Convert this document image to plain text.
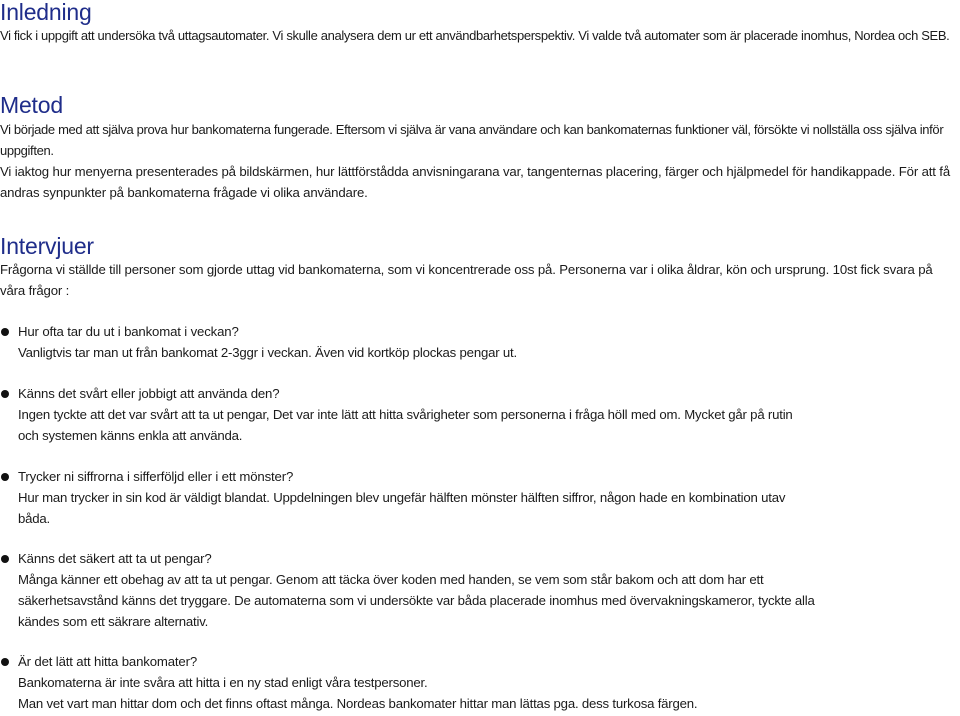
Inledning

Vi fick i uppgift att undersöka två uttagsautomater. Vi skulle analysera dem ur ett användbarhetsperspektiv. Vi valde två automater som är placerade inomhus, Nordea och SEB.

Metod

Vi började med att själva prova hur bankomaterna fungerade. Eftersom vi själva är vana användare och kan bankomaternas funktioner väl, försökte vi nollställa oss själva inför uppgiften.

Vi iaktog hur menyerna presenterades på bildskärmen, hur lättförstådda anvisningarana var, tangenternas placering, färger och hjälpmedel för handikappade. För att få andras synpunkter på bankomaterna frågade vi olika användare.

Intervjuer

Frågorna vi ställde till personer som gjorde uttag vid bankomaterna, som vi koncentrerade oss på. Personerna var i olika åldrar, kön och ursprung. 10st fick svara på våra frågor :

Hur ofta tar du ut i bankomat i veckan?

Vanligtvis tar man ut från bankomat 2-3ggr i veckan. Även vid kortköp plockas pengar ut.

Känns det svårt eller jobbigt att använda den?

Ingen tyckte att det var svårt att ta ut pengar, Det var inte lätt att hitta svårigheter som personerna i fråga höll med om. Mycket går på rutin
och systemen känns enkla att använda.

Trycker ni siffrorna i sifferföljd eller i ett mönster?

Hur man trycker in sin kod är väldigt blandat. Uppdelningen blev ungefär hälften mönster hälften siffror, någon hade en kombination utav
båda.

Känns det säkert att ta ut pengar?

Många känner ett obehag av att ta ut pengar. Genom att täcka över koden med handen, se vem som står bakom och att dom har ett
säkerhetsavstånd känns det tryggare. De automaterna som vi undersökte var båda placerade inomhus med övervakningskameror, tyckte alla
kändes som ett säkrare alternativ.

Är det lätt att hitta bankomater?

Bankomaterna är inte svåra att hitta i en ny stad enligt våra testpersoner.
Man vet vart man hittar dom och det finns oftast många. Nordeas bankomater hittar man lättas pga. dess turkosa färgen.
